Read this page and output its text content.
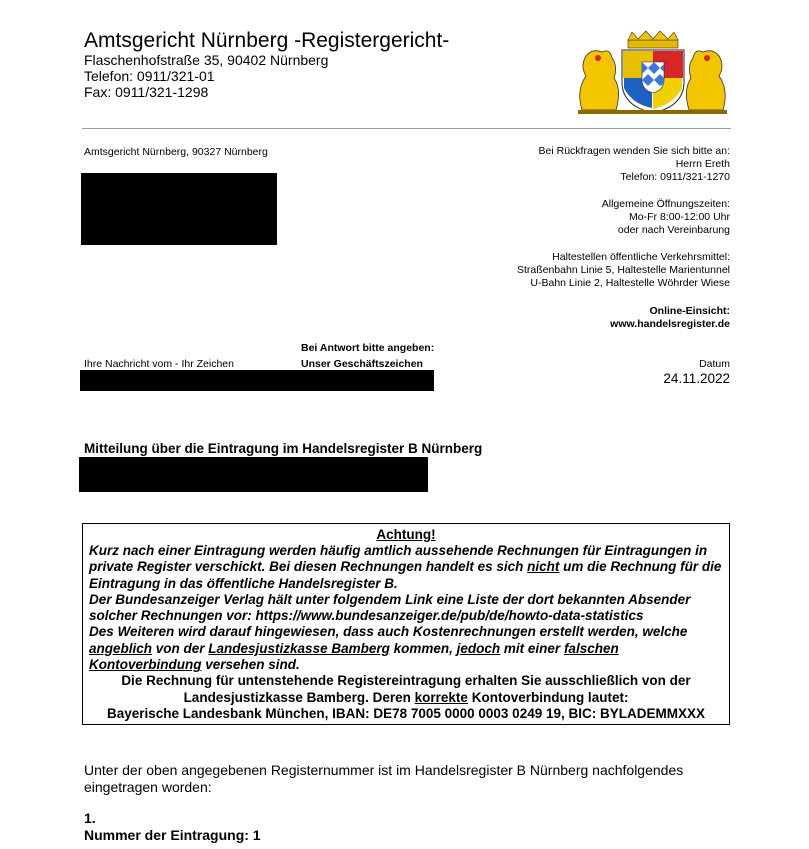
Amtsgericht Nürnberg -Registergericht-
Flaschenhofstraße 35, 90402 Nürnberg
Telefon: 0911/321-01
Fax: 0911/321-1298
Amtsgericht Nürnberg, 90327 Nürnberg	Bei Rückfragen wenden Sie sich bitte an:
Herrn Ereth
Telefon: 0911/321-1270
Allgemeine Öffnungszeiten:
Mo-Fr 8:00-12:00 Uhr
oder nach Vereinbarung
Haltestellen öffentliche Verkehrsmittel:
Straßenbahn Linie 5, Haltestelle Marientunnel
U-Bahn Linie 2, Haltestelle Wöhrder Wiese
Online-Einsicht:
www.handelsregister.de
Bei Antwort bitte angeben:
Ihre Nachricht vom - Ihr Zeichen	Unser Geschäftszeichen	Datum
24.11.2022
Mitteilung über die Eintragung im Handelsregister B Nürnberg
Achtung!
Kurz nach einer Eintragung werden häufig amtlich aussehende Rechnungen für Eintragungen in private Register verschickt. Bei diesen Rechnungen handelt es sich nicht um die Rechnung für die Eintragung in das öffentliche Handelsregister B.
Der Bundesanzeiger Verlag hält unter folgendem Link eine Liste der dort bekannten Absender solcher Rechnungen vor: https://www.bundesanzeiger.de/pub/de/howto-data-statistics
Des Weiteren wird darauf hingewiesen, dass auch Kostenrechnungen erstellt werden, welche angeblich von der Landesjustizkasse Bamberg kommen, jedoch mit einer falschen Kontoverbindung versehen sind.
Die Rechnung für untenstehende Registereintragung erhalten Sie ausschließlich von der Landesjustizkasse Bamberg. Deren korrekte Kontoverbindung lautet:
Bayerische Landesbank München, IBAN: DE78 7005 0000 0003 0249 19, BIC: BYLADEMMXXX
Unter der oben angegebenen Registernummer ist im Handelsregister B Nürnberg nachfolgendes eingetragen worden:
1.
Nummer der Eintragung: 1
